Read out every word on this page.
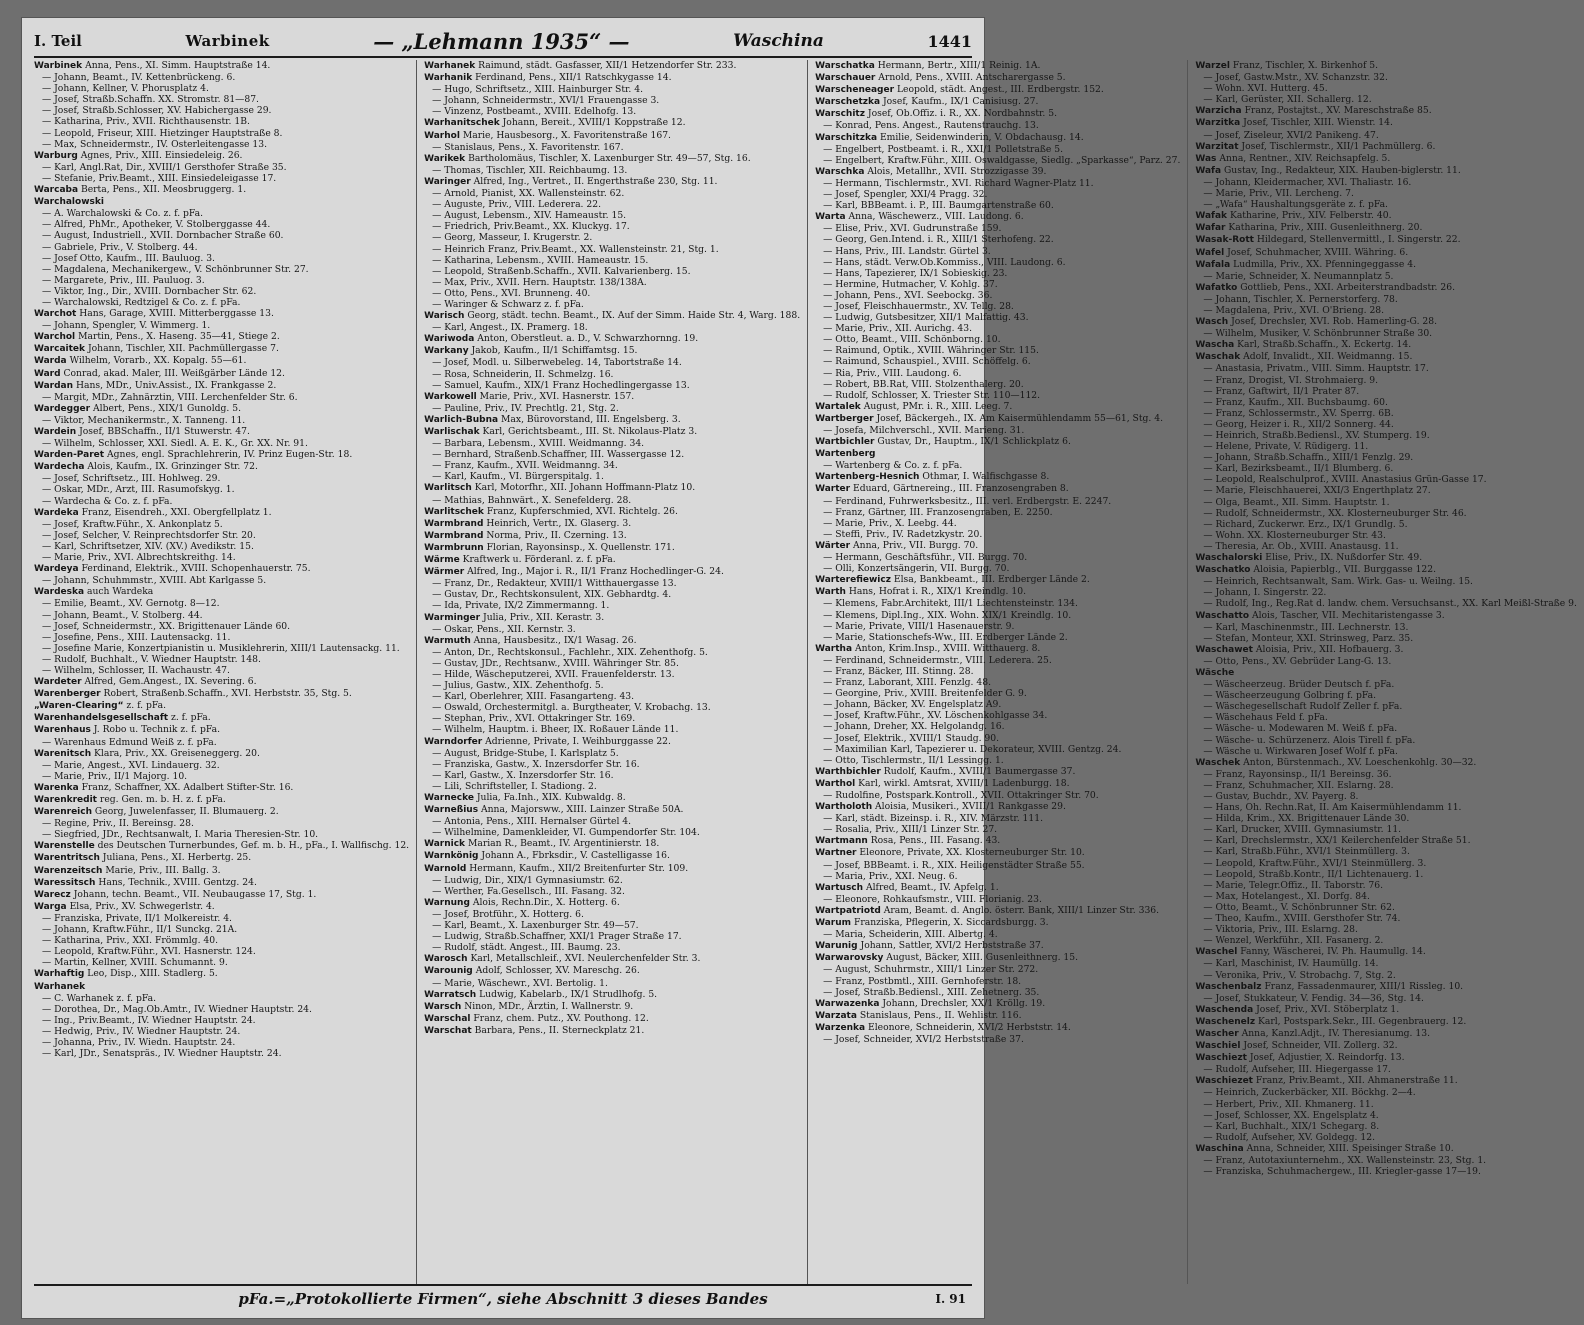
I. Teil	Warbinek	— „Lehmann 1935“ —	Waschina	1441
Warbinek Anna, Pens., XI. Simm. Hauptstraße 14.
— Johann, Beamt., IV. Kettenbrückeng. 6.
— Johann, Kellner, V. Phorusplatz 4.
— Josef, Straßb.Schaffn. XX. Stromstr. 81—87.
— Josef, Straßb.Schlosser, XV. Habichergasse 29.
— Katharina, Priv., XVII. Richthausenstr. 1B.
— Leopold, Friseur, XIII. Hietzinger Hauptstraße 8.
— Max, Schneidermstr., IV. Osterleitengasse 13.
Warburg Agnes, Priv., XIII. Einsiedeleig. 26.
— Karl, Angl.Rat, Dir., XVIII/1 Gersthofer Straße 35.
— Stefanie, Priv.Beamt., XIII. Einsiedeleigasse 17.
Warcaba Berta, Pens., XII. Meosbruggerg. 1.
Warchalowski
— A. Warchalowski & Co. z. f. pFa.
— Alfred, PhMr., Apotheker, V. Stolberggasse 44.
— August, Industriell., XVII. Dornbacher Straße 60.
— Gabriele, Priv., V. Stolberg. 44.
— Josef Otto, Kaufm., III. Bauluog. 3.
— Magdalena, Mechanikergew., V. Schönbrunner Str. 27.
— Margarete, Priv., III. Pauluog. 3.
— Viktor, Ing., Dir., XVIII. Dornbacher Str. 62.
— Warchalowski, Redtzigel & Co. z. f. pFa.
Warchot Hans, Garage, XVIII. Mitterberggasse 13.
— Johann, Spengler, V. Wimmerg. 1.
Warchol Martin, Pens., X. Haseng. 35—41, Stiege 2.
Warcaitek Johann, Tischler, XII. Pachmüllergasse 7.
Warda Wilhelm, Vorarb., XX. Kopalg. 55—61.
Ward Conrad, akad. Maler, III. Weißgärber Lände 12.
Wardan Hans, MDr., Univ.Assist., IX. Frankgasse 2.
— Margit, MDr., Zahnärztin, VIII. Lerchenfelder Str. 6.
Wardegger Albert, Pens., XIX/1 Gunoldg. 5.
— Viktor, Mechanikermstr., X. Tanneng. 11.
Wardein Josef, BBSchaffn., II/1 Stuwerstr. 47.
— Wilhelm, Schlosser, XXI. Siedl. A. E. K., Gr. XX. Nr. 91.
Warden-Paret Agnes, engl. Sprachlehrerin, IV. Prinz Eugen-Str. 18.
Wardecha Alois, Kaufm., IX. Grinzinger Str. 72.
— Josef, Schriftsetz., III. Hohlweg. 29.
— Oskar, MDr., Arzt, III. Rasumofskyg. 1.
— Wardecha & Co. z. f. pFa.
Wardeka Franz, Eisendreh., XXI. Obergfellplatz 1.
— Josef, Kraftw.Führ., X. Ankonplatz 5.
— Josef, Selcher, V. Reinprechtsdorfer Str. 20.
— Karl, Schriftsetzer, XIV. (XV.) Avedikstr. 15.
— Marie, Priv., XVI. Albrechtskreithg. 14.
Wardeya Ferdinand, Elektrik., XVIII. Schopenhauerstr. 75.
— Johann, Schuhmmstr., XVIII. Abt Karlgasse 5.
Wardeska auch Wardeka
— Emilie, Beamt., XV. Gernotg. 8—12.
— Johann, Beamt., V. Stolberg. 44.
— Josef, Schneidermstr., XX. Brigittenauer Lände 60.
— Josefine, Pens., XIII. Lautensackg. 11.
— Josefine Marie, Konzertpianistin u. Musiklehrerin, XIII/1 Lautensackg. 11.
— Rudolf, Buchhalt., V. Wiedner Hauptstr. 148.
— Wilhelm, Schlosser, II. Wachaustr. 47.
Wardeter Alfred, Gem.Angest., IX. Severing. 6.
Warenberger Robert, Straßenb.Schaffn., XVI. Herbststr. 35, Stg. 5.
„Waren-Clearing“ z. f. pFa.
Warenhandelsgesellschaft z. f. pFa.
Warenhaus J. Robo u. Technik z. f. pFa.
— Warenhaus Edmund Weiß z. f. pFa.
Warenitsch Klara, Priv., XX. Greiseneggerg. 20.
— Marie, Angest., XVI. Lindauerg. 32.
— Marie, Priv., II/1 Majorg. 10.
Warenka Franz, Schaffner, XX. Adalbert Stifter-Str. 16.
Warenkredit reg. Gen. m. b. H. z. f. pFa.
Warenreich Georg, Juwelenfasser, II. Blumauerg. 2.
— Regine, Priv., II. Bereinsg. 28.
— Siegfried, JDr., Rechtsanwalt, I. Maria Theresien-Str. 10.
Warenstelle des Deutschen Turnerbundes, Gef. m. b. H., pFa., I. Wallfischg. 12.
Warentritsch Juliana, Pens., XI. Herbertg. 25.
Warenzeitsch Marie, Priv., III. Ballg. 3.
Waressitsch Hans, Technik., XVIII. Gentzg. 24.
Warecz Johann, techn. Beamt., VII. Neubaugasse 17, Stg. 1.
Warga Elsa, Priv., XV. Schwegerlstr. 4.
— Franziska, Private, II/1 Molkereistr. 4.
— Johann, Kraftw.Führ., II/1 Sunckg. 21A.
— Katharina, Priv., XXI. Frömmlg. 40.
— Leopold, Kraftw.Führ., XVI. Hasnerstr. 124.
— Martin, Kellner, XVIII. Schumannt. 9.
Warhaftig Leo, Disp., XIII. Stadlerg. 5.
Warhanek
— C. Warhanek z. f. pFa.
— Dorothea, Dr., Mag.Ob.Amtr., IV. Wiedner Hauptstr. 24.
— Ing., Priv.Beamt., IV. Wiedner Hauptstr. 24.
— Hedwig, Priv., IV. Wiedner Hauptstr. 24.
— Johanna, Priv., IV. Wiedn. Hauptstr. 24.
— Karl, JDr., Senatspräs., IV. Wiedner Hauptstr. 24.
Warhanek Raimund, städt. Gasfasser, XII/1 Hetzendorfer Str. 233.
Warhanik Ferdinand, Pens., XII/1 Ratschkygasse 14.
— Hugo, Schriftsetz., XIII. Hainburger Str. 4.
— Johann, Schneidermstr., XVI/1 Frauengasse 3.
— Vinzenz, Postbeamt., XVIII. Edelhofg. 13.
Warhanitschek Johann, Bereit., XVIII/1 Koppstraße 12.
Warhol Marie, Hausbesorg., X. Favoritenstraße 167.
— Stanislaus, Pens., X. Favoritenstr. 167.
Warikek Bartholomäus, Tischler, X. Laxenburger Str. 49—57, Stg. 16.
— Thomas, Tischler, XII. Reichbaumg. 13.
Waringer Alfred, Ing., Vertret., II. Engerthstraße 230, Stg. 11.
— Arnold, Pianist, XX. Wallensteinstr. 62.
— Auguste, Priv., VIII. Lederera. 22.
— August, Lebensm., XIV. Hameaustr. 15.
— Friedrich, Priv.Beamt., XX. Kluckyg. 17.
— Georg, Masseur, I. Krugerstr. 2.
— Heinrich Franz, Priv.Beamt., XX. Wallensteinstr. 21, Stg. 1.
— Katharina, Lebensm., XVIII. Hameaustr. 15.
— Leopold, Straßenb.Schaffn., XVII. Kalvarienberg. 15.
— Max, Priv., XVII. Hern. Hauptstr. 138/138A.
— Otto, Pens., XVI. Brunneng. 40.
— Waringer & Schwarz z. f. pFa.
Warisch Georg, städt. techn. Beamt., IX. Auf der Simm. Haide Str. 4, Warg. 188.
— Karl, Angest., IX. Pramerg. 18.
Wariwoda Anton, Oberstleut. a. D., V. Schwarzhornng. 19.
Warkany Jakob, Kaufm., II/1 Schiffamtsg. 15.
— Josef, Modl. u. Silberwebeleg. 14, Tabortstraße 14.
— Rosa, Schneiderin, II. Schmelzg. 16.
— Samuel, Kaufm., XIX/1 Franz Hochedlingergasse 13.
Warkowell Marie, Priv., XVI. Hasnerstr. 157.
— Pauline, Priv., IV. Prechtlg. 21, Stg. 2.
Warlich-Bubna Max, Bürovorstand, III. Engelsberg. 3.
Warlischak Karl, Gerichtsbeamt., III. St. Nikolaus-Platz 3.
— Barbara, Lebensm., XVIII. Weidmanng. 34.
— Bernhard, Straßenb.Schaffner, III. Wassergasse 12.
— Franz, Kaufm., XVII. Weidmanng. 34.
— Karl, Kaufm., VI. Bürgerspitalg. 1.
Warlitsch Karl, Motorfhr., XII. Johann Hoffmann-Platz 10.
— Mathias, Bahnwärt., X. Senefelderg. 28.
Warlitschek Franz, Kupferschmied, XVI. Richtelg. 26.
Warmbrand Heinrich, Vertr., IX. Glaserg. 3.
Warmbrand Norma, Priv., II. Czerning. 13.
Warmbrunn Florian, Rayonsinsp., X. Quellenstr. 171.
Wärme Kraftwerk u. Förderanl. z. f. pFa.
Wärmer Alfred, Ing., Major i. R., II/1 Franz Hochedlinger-G. 24.
— Franz, Dr., Redakteur, XVIII/1 Witthauergasse 13.
— Gustav, Dr., Rechtskonsulent, XIX. Gebhardtg. 4.
— Ida, Private, IX/2 Zimmermanng. 1.
Warminger Julia, Priv., XII. Kerastr. 3.
— Oskar, Pens., XII. Kernstr. 3.
Warmuth Anna, Hausbesitz., IX/1 Wasag. 26.
— Anton, Dr., Rechtskonsul., Fachlehr., XIX. Zehenthofg. 5.
— Gustav, JDr., Rechtsanw., XVIII. Währinger Str. 85.
— Hilde, Wäscheputzerei, XVII. Frauenfelderstr. 13.
— Julius, Gastw., XIX. Zehenthofg. 5.
— Karl, Oberlehrer, XIII. Fasangarteng. 43.
— Oswald, Orchestermitgl. a. Burgtheater, V. Krobachg. 13.
— Stephan, Priv., XVI. Ottakringer Str. 169.
— Wilhelm, Hauptm. i. Bheer, IX. Roßauer Lände 11.
Warndorfer Adrienne, Private, I. Weihburggasse 22.
— August, Bridge-Stube, I. Karlsplatz 5.
— Franziska, Gastw., X. Inzersdorfer Str. 16.
— Karl, Gastw., X. Inzersdorfer Str. 16.
— Lili, Schriftsteller, I. Stadiong. 2.
Warnecke Julia, Fa.Inh., XIX. Kubwaldg. 8.
Warneßius Anna, Majorsww., XIII. Lainzer Straße 50A.
— Antonia, Pens., XIII. Hernalser Gürtel 4.
— Wilhelmine, Damenkleider, VI. Gumpendorfer Str. 104.
Warnick Marian R., Beamt., IV. Argentinierstr. 18.
Warnkönig Johann A., Fbrksdir., V. Castelligasse 16.
Warnold Hermann, Kaufm., XII/2 Breitenfurter Str. 109.
— Ludwig, Dir., XIX/1 Gymnasiumstr. 62.
— Werther, Fa.Gesellsch., III. Fasang. 32.
Warnung Alois, Rechn.Dir., X. Hotterg. 6.
— Josef, Brotführ., X. Hotterg. 6.
— Karl, Beamt., X. Laxenburger Str. 49—57.
— Ludwig, Straßb.Schaffner, XXI/1 Prager Straße 17.
— Rudolf, städt. Angest., III. Baumg. 23.
Warosch Karl, Metallschleif., XVI. Neulerchenfelder Str. 3.
Warounig Adolf, Schlosser, XV. Mareschg. 26.
— Marie, Wäschewr., XVI. Bertolig. 1.
Warratsch Ludwig, Kabelarb., IX/1 Strudlhofg. 5.
Warsch Ninon, MDr., Ärztin, I. Wallnerstr. 9.
Warschal Franz, chem. Putz., XV. Pouthong. 12.
Warschat Barbara, Pens., II. Sterneckplatz 21.
Warschatka Hermann, Bertr., XIII/1 Reinig. 1A.
Warschauer Arnold, Pens., XVIII. Antscharergasse 5.
Warscheneager Leopold, städt. Angest., III. Erdbergstr. 152.
Warschetzka Josef, Kaufm., IX/1 Canisiusg. 27.
Warschitz Josef, Ob.Offiz. i. R., XX. Nordbahnstr. 5.
— Konrad, Pens. Angest., Rautenstrauchg. 13.
Warschitzka Emilie, Seidenwinderin, V. Obdachausg. 14.
— Engelbert, Postbeamt. i. R., XXI/1 Polletstraße 5.
— Engelbert, Kraftw.Führ., XIII. Oswaldgasse, Siedlg. „Sparkasse“, Parz. 27.
Warschka Alois, Metallhr., XVII. Strozzigasse 39.
— Hermann, Tischlermstr., XVI. Richard Wagner-Platz 11.
— Josef, Spengler, XXI/4 Pragg. 32.
— Karl, BBBeamt. i. P., III. Baumgartenstraße 60.
Warta Anna, Wäschewerz., VIII. Laudong. 6.
— Elise, Priv., XVI. Gudrunstraße 159.
— Georg, Gen.Intend. i. R., XIII/1 Sterhofeng. 22.
— Hans, Priv., III. Landstr. Gürtel 3.
— Hans, städt. Verw.Ob.Kommiss., VIII. Laudong. 6.
— Hans, Tapezierer, IX/1 Sobieskig. 23.
— Hermine, Hutmacher, V. Kohlg. 37.
— Johann, Pens., XVI. Seebockg. 36.
— Josef, Fleischhauermstr., XV. Tellg. 28.
— Ludwig, Gutsbesitzer, XII/1 Malfattig. 43.
— Marie, Priv., XII. Aurichg. 43.
— Otto, Beamt., VIII. Schönborng. 10.
— Raimund, Optik., XVIII. Währinger Str. 115.
— Raimund, Schauspiel., XVIII. Schöffelg. 6.
— Ria, Priv., VIII. Laudong. 6.
— Robert, BB.Rat, VIII. Stolzenthalerg. 20.
— Rudolf, Schlosser, X. Triester Str. 110—112.
Wartalek August, PMr. i. R., XIII. Leeg. 7.
Wartberger Josef, Bäckergeh., IX. Am Kaisermühlendamm 55—61, Stg. 4.
— Josefa, Milchverschl., XVII. Marieng. 31.
Wartbichler Gustav, Dr., Hauptm., IX/1 Schlickplatz 6.
Wartenberg
— Wartenberg & Co. z. f. pFa.
Wartenberg-Hesnich Othmar, I. Walfischgasse 8.
Warter Eduard, Gärtnereing., III. Franzosengraben 8.
— Ferdinand, Fuhrwerksbesitz., III. verl. Erdbergstr. E. 2247.
— Franz, Gärtner, III. Franzosengraben, E. 2250.
— Marie, Priv., X. Leebg. 44.
— Steffi, Priv., IV. Radetzkystr. 20.
Wärter Anna, Priv., VII. Burgg. 70.
— Hermann, Geschäftsführ., VII. Burgg. 70.
— Olli, Konzertsängerin, VII. Burgg. 70.
Warterefiewicz Elsa, Bankbeamt., III. Erdberger Lände 2.
Warth Hans, Hofrat i. R., XIX/1 Kreindlg. 10.
— Klemens, Fabr.Architekt, III/1 Liechtensteinstr. 134.
— Klemens, Dipl.Ing., XIX. Wohn. XIX/1 Kreindlg. 10.
— Marie, Private, VIII/1 Hasenauerstr. 9.
— Marie, Stationschefs-Ww., III. Erdberger Lände 2.
Wartha Anton, Krim.Insp., XVIII. Witthauerg. 8.
— Ferdinand, Schneidermstr., VIII. Lederera. 25.
— Franz, Bäcker, III. Stinng. 28.
— Franz, Laborant, XIII. Fenzlg. 48.
— Georgine, Priv., XVIII. Breitenfelder G. 9.
— Johann, Bäcker, XV. Engelsplatz A9.
— Josef, Kraftw.Führ., XV. Löschenkohlgasse 34.
— Johann, Dreher, XX. Helgolandg. 16.
— Josef, Elektrik., XVIII/1 Staudg. 90.
— Maximilian Karl, Tapezierer u. Dekorateur, XVIII. Gentzg. 24.
— Otto, Tischlermstr., II/1 Lessingg. 1.
Warthbichler Rudolf, Kaufm., XVIII/1 Baumergasse 37.
Warthol Karl, wirkl. Amtsrat, XVIII/1 Ladenburgg. 18.
— Rudolfine, Postspark.Kontroll., XVII. Ottakringer Str. 70.
Wartholoth Aloisia, Musikeri., XVIII/1 Rankgasse 29.
— Karl, städt. Bizeinsp. i. R., XIV. Märzstr. 111.
— Rosalia, Priv., XIII/1 Linzer Str. 27.
Wartmann Rosa, Pens., III. Fasang. 43.
Wartner Eleonore, Private, XX. Klosterneuburger Str. 10.
— Josef, BBBeamt. i. R., XIX. Heiligenstädter Straße 55.
— Maria, Priv., XXI. Neug. 6.
Wartusch Alfred, Beamt., IV. Apfelg. 1.
— Eleonore, Rohkaufsmstr., VIII. Florianig. 23.
Wartpatriotd Aram, Beamt. d. Anglo. österr. Bank, XIII/1 Linzer Str. 336.
Warum Franziska, Pflegerin, X. Siccardsburgg. 3.
— Maria, Scheiderin, XIII. Albertg. 4.
Warunig Johann, Sattler, XVI/2 Herbststraße 37.
Warwarovsky August, Bäcker, XIII. Gusenleithnerg. 15.
— August, Schuhrmstr., XIII/1 Linzer Str. 272.
— Franz, Postbmtl., XIII. Gernhoferstr. 18.
— Josef, Straßb.Bediensl., XIII. Zehetnerg. 35.
Warwazenka Johann, Drechsler, XX/1 Kröllg. 19.
Warzata Stanislaus, Pens., II. Wehlistr. 116.
Warzenka Eleonore, Schneiderin, XVI/2 Herbststr. 14.
— Josef, Schneider, XVI/2 Herbststraße 37.
Warzel Franz, Tischler, X. Birkenhof 5.
— Josef, Gastw.Mstr., XV. Schanzstr. 32.
— Wohn. XVI. Hutterg. 45.
— Karl, Gerüster, XII. Schallerg. 12.
Warzicha Franz, Postajtst., XV. Mareschstraße 85.
Warzitka Josef, Tischler, XIII. Wienstr. 14.
— Josef, Ziseleur, XVI/2 Panikeng. 47.
Warzitat Josef, Tischlermstr., XII/1 Pachmüllerg. 6.
Was Anna, Rentner., XIV. Reichsapfelg. 5.
Wafa Gustav, Ing., Redakteur, XIX. Hauben-biglerstr. 11.
— Johann, Kleidermacher, XVI. Thaliastr. 16.
— Marie, Priv., VII. Lercheng. 7.
— „Wafa“ Haushaltungsgeräte z. f. pFa.
Wafak Katharine, Priv., XIV. Felberstr. 40.
Wafar Katharina, Priv., XIII. Gusenleithnerg. 20.
Wasak-Rott Hildegard, Stellenvermittl., I. Singerstr. 22.
Wafel Josef, Schuhmacher, XVIII. Währing. 6.
Wafala Ludmilla, Priv., XX. Pfenningeggasse 4.
— Marie, Schneider, X. Neumannplatz 5.
Wafatko Gottlieb, Pens., XXI. Arbeiterstrandbadstr. 26.
— Johann, Tischler, X. Pernerstorferg. 78.
— Magdalena, Priv., XVI. O'Brieng. 28.
Wasch Josef, Drechsler, XVI. Rob. Hamerling-G. 28.
— Wilhelm, Musiker, V. Schönbrunner Straße 30.
Wascha Karl, Straßb.Schaffn., X. Eckertg. 14.
Waschak Adolf, Invalidt., XII. Weidmanng. 15.
— Anastasia, Privatm., VIII. Simm. Hauptstr. 17.
— Franz, Drogist, VI. Strohmaierg. 9.
— Franz, Gaftwirt, II/1 Prater 87.
— Franz, Kaufm., XII. Buchsbaumg. 60.
— Franz, Schlossermstr., XV. Sperrg. 6B.
— Georg, Heizer i. R., XII/2 Sonnerg. 44.
— Heinrich, Straßb.Bediensl., XV. Stumperg. 19.
— Helene, Private, V. Rüdigerg. 11.
— Johann, Straßb.Schaffn., XIII/1 Fenzlg. 29.
— Karl, Bezirksbeamt., II/1 Blumberg. 6.
— Leopold, Realschulprof., XVIII. Anastasius Grün-Gasse 17.
— Marie, Fleischhauerei, XXI/3 Engerthplatz 27.
— Olga, Beamt., XII. Simm. Hauptstr. 1.
— Rudolf, Schneidermstr., XX. Klosterneuburger Str. 46.
— Richard, Zuckerwr. Erz., IX/1 Grundlg. 5.
— Wohn. XX. Klosterneuburger Str. 43.
— Theresia, Ar. Ob., XVIII. Anastausg. 11.
Waschalorski Elise, Priv., IX. Nußdorfer Str. 49.
Waschatko Aloisia, Papierblg., VII. Burggasse 122.
— Heinrich, Rechtsanwalt, Sam. Wirk. Gas- u. Weilng. 15.
— Johann, I. Singerstr. 22.
— Rudolf, Ing., Reg.Rat d. landw. chem. Versuchsanst., XX. Karl Meißl-Straße 9.
Waschatto Alois, Tascher, VII. Mechitaristengasse 3.
— Karl, Maschinenmstr., III. Lechnerstr. 13.
— Stefan, Monteur, XXI. Strinsweg, Parz. 35.
Waschawet Aloisia, Priv., XII. Hofbauerg. 3.
— Otto, Pens., XV. Gebrüder Lang-G. 13.
Wäsche
— Wäscheerzeug. Brüder Deutsch f. pFa.
— Wäscheerzeugung Golbring f. pFa.
— Wäschegesellschaft Rudolf Zeller f. pFa.
— Wäschehaus Feld f. pFa.
— Wäsche- u. Modewaren M. Weiß f. pFa.
— Wäsche- u. Schürzenerz. Alois Tirell f. pFa.
— Wäsche u. Wirkwaren Josef Wolf f. pFa.
Waschek Anton, Bürstenmach., XV. Loeschenkohlg. 30—32.
— Franz, Rayonsinsp., II/1 Bereinsg. 36.
— Franz, Schuhmacher, XII. Eslarng. 28.
— Gustav, Buchdr., XV. Payerg. 8.
— Hans, Oh. Rechn.Rat, II. Am Kaisermühlendamm 11.
— Hilda, Krim., XX. Brigittenauer Lände 30.
— Karl, Drucker, XVIII. Gymnasiumstr. 11.
— Karl, Drechslermstr., XX/1 Keilerchenfelder Straße 51.
— Karl, Straßb.Führ., XVI/1 Steinmüllerg. 3.
— Leopold, Kraftw.Führ., XVI/1 Steinmüllerg. 3.
— Leopold, Straßb.Kontr., II/1 Lichtenauerg. 1.
— Marie, Telegr.Offiz., II. Taborstr. 76.
— Max, Hotelangest., XI. Dorfg. 84.
— Otto, Beamt., V. Schönbrunner Str. 62.
— Theo, Kaufm., XVIII. Gersthofer Str. 74.
— Viktoria, Priv., III. Eslarng. 28.
— Wenzel, Werkführ., XII. Fasanerg. 2.
Waschel Fanny, Wäscherei, IV. Ph. Haumullg. 14.
— Karl, Maschinist, IV. Haumüllg. 14.
— Veronika, Priv., V. Strobachg. 7, Stg. 2.
Waschenbalz Franz, Fassadenmaurer, XIII/1 Rissleg. 10.
— Josef, Stukkateur, V. Fendig. 34—36, Stg. 14.
Waschenda Josef, Priv., XVI. Stöberplatz 1.
Waschenelz Karl, Postspark.Sekr., III. Gegenbrauerg. 12.
Wascher Anna, Kanzl.Adjt., IV. Theresianumg. 13.
Waschiel Josef, Schneider, VII. Zollerg. 32.
Waschiezt Josef, Adjustier, X. Reindorfg. 13.
— Rudolf, Aufseher, III. Hiegergasse 17.
Waschiezet Franz, Priv.Beamt., XII. Ahmanerstraße 11.
— Heinrich, Zuckerbäcker, XII. Böckhg. 2—4.
— Herbert, Priv., XII. Khmanerg. 11.
— Josef, Schlosser, XX. Engelsplatz 4.
— Karl, Buchhalt., XIX/1 Schegarg. 8.
— Rudolf, Aufseher, XV. Goldegg. 12.
Waschina Anna, Schneider, XIII. Speisinger Straße 10.
— Franz, Autotaxiunternehm., XX. Wallensteinstr. 23, Stg. 1.
— Franziska, Schuhmachergew., III. Kriegler-gasse 17—19.
pFa.=„Protokollierte Firmen“, siehe Abschnitt 3 dieses Bandes	I. 91
